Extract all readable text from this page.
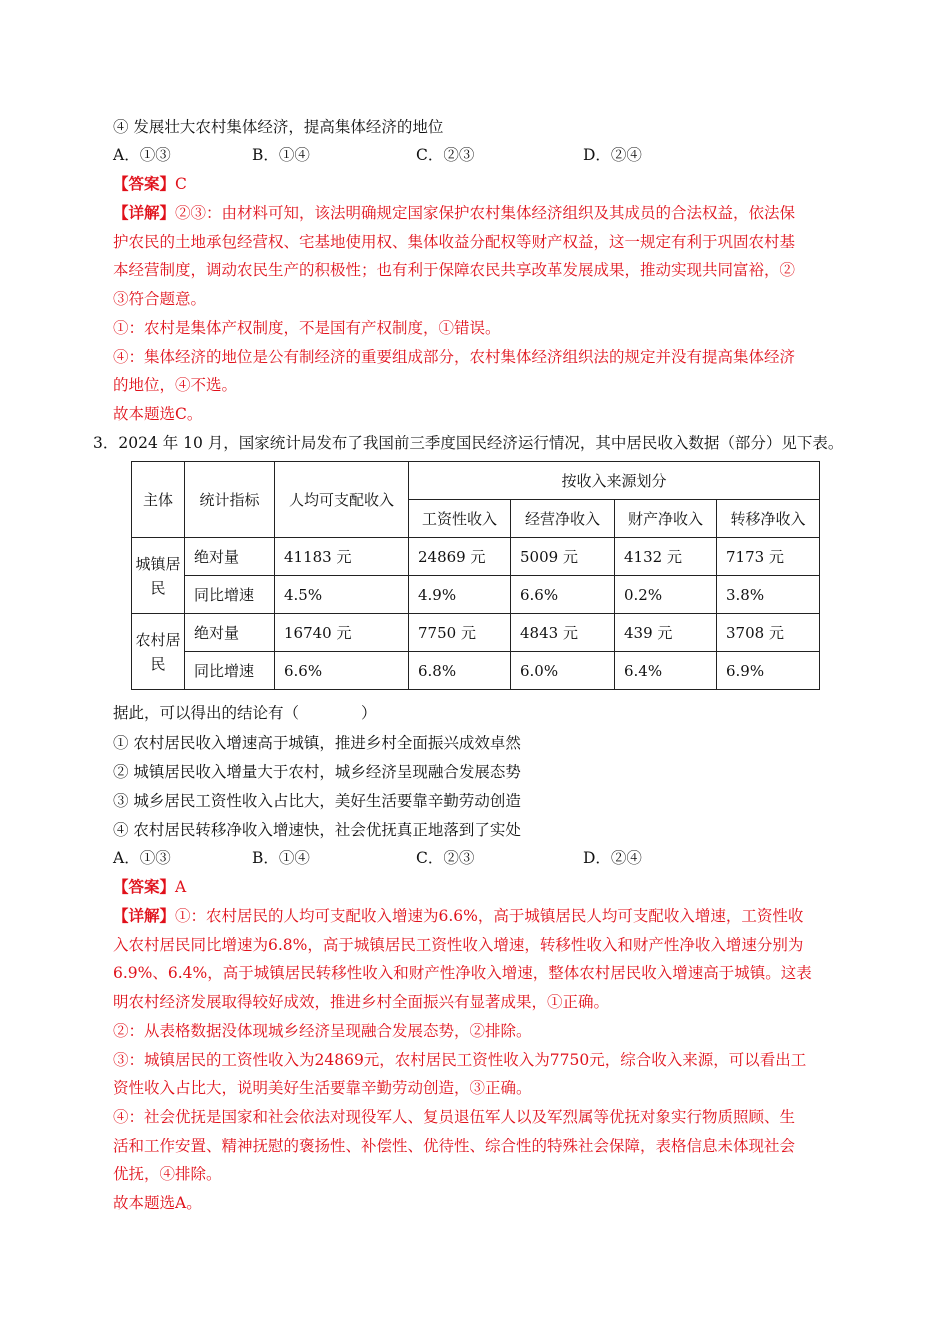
④ 发展壮大农村集体经济，提高集体经济的地位
A．①③	B．①④	C．②③	D．②④
【答案】C
【详解】②③：由材料可知，该法明确规定国家保护农村集体经济组织及其成员的合法权益，依法保
护农民的土地承包经营权、宅基地使用权、集体收益分配权等财产权益，这一规定有利于巩固农村基
本经营制度，调动农民生产的积极性；也有利于保障农民共享改革发展成果，推动实现共同富裕，②
③符合题意。
①：农村是集体产权制度，不是国有产权制度，①错误。
④：集体经济的地位是公有制经济的重要组成部分，农村集体经济组织法的规定并没有提高集体经济
的地位，④不选。
故本题选C。
3．2024 年 10 月，国家统计局发布了我国前三季度国民经济运行情况，其中居民收入数据（部分）见下表。
主体	统计指标	人均可支配收入	按收入来源划分			
			工资性收入	经营净收入	财产净收入	转移净收入
城镇居民	绝对量	41183 元	24869 元	5009 元	4132 元	7173 元
	同比增速	4.5%	4.9%	6.6%	0.2%	3.8%
农村居民	绝对量	16740 元	7750 元	4843 元	439 元	3708 元
	同比增速	6.6%	6.8%	6.0%	6.4%	6.9%
据此，可以得出的结论有（　　　　）
① 农村居民收入增速高于城镇，推进乡村全面振兴成效卓然
② 城镇居民收入增量大于农村，城乡经济呈现融合发展态势
③ 城乡居民工资性收入占比大，美好生活要靠辛勤劳动创造
④ 农村居民转移净收入增速快，社会优抚真正地落到了实处
A．①③	B．①④	C．②③	D．②④
【答案】A
【详解】①：农村居民的人均可支配收入增速为6.6%，高于城镇居民人均可支配收入增速，工资性收
入农村居民同比增速为6.8%，高于城镇居民工资性收入增速，转移性收入和财产性净收入增速分别为
6.9%、6.4%，高于城镇居民转移性收入和财产性净收入增速，整体农村居民收入增速高于城镇。这表
明农村经济发展取得较好成效，推进乡村全面振兴有显著成果，①正确。
②：从表格数据没体现城乡经济呈现融合发展态势，②排除。
③：城镇居民的工资性收入为24869元，农村居民工资性收入为7750元，综合收入来源，可以看出工
资性收入占比大，说明美好生活要靠辛勤劳动创造，③正确。
④：社会优抚是国家和社会依法对现役军人、复员退伍军人以及军烈属等优抚对象实行物质照顾、生
活和工作安置、精神抚慰的褒扬性、补偿性、优待性、综合性的特殊社会保障，表格信息未体现社会
优抚，④排除。
故本题选A。
